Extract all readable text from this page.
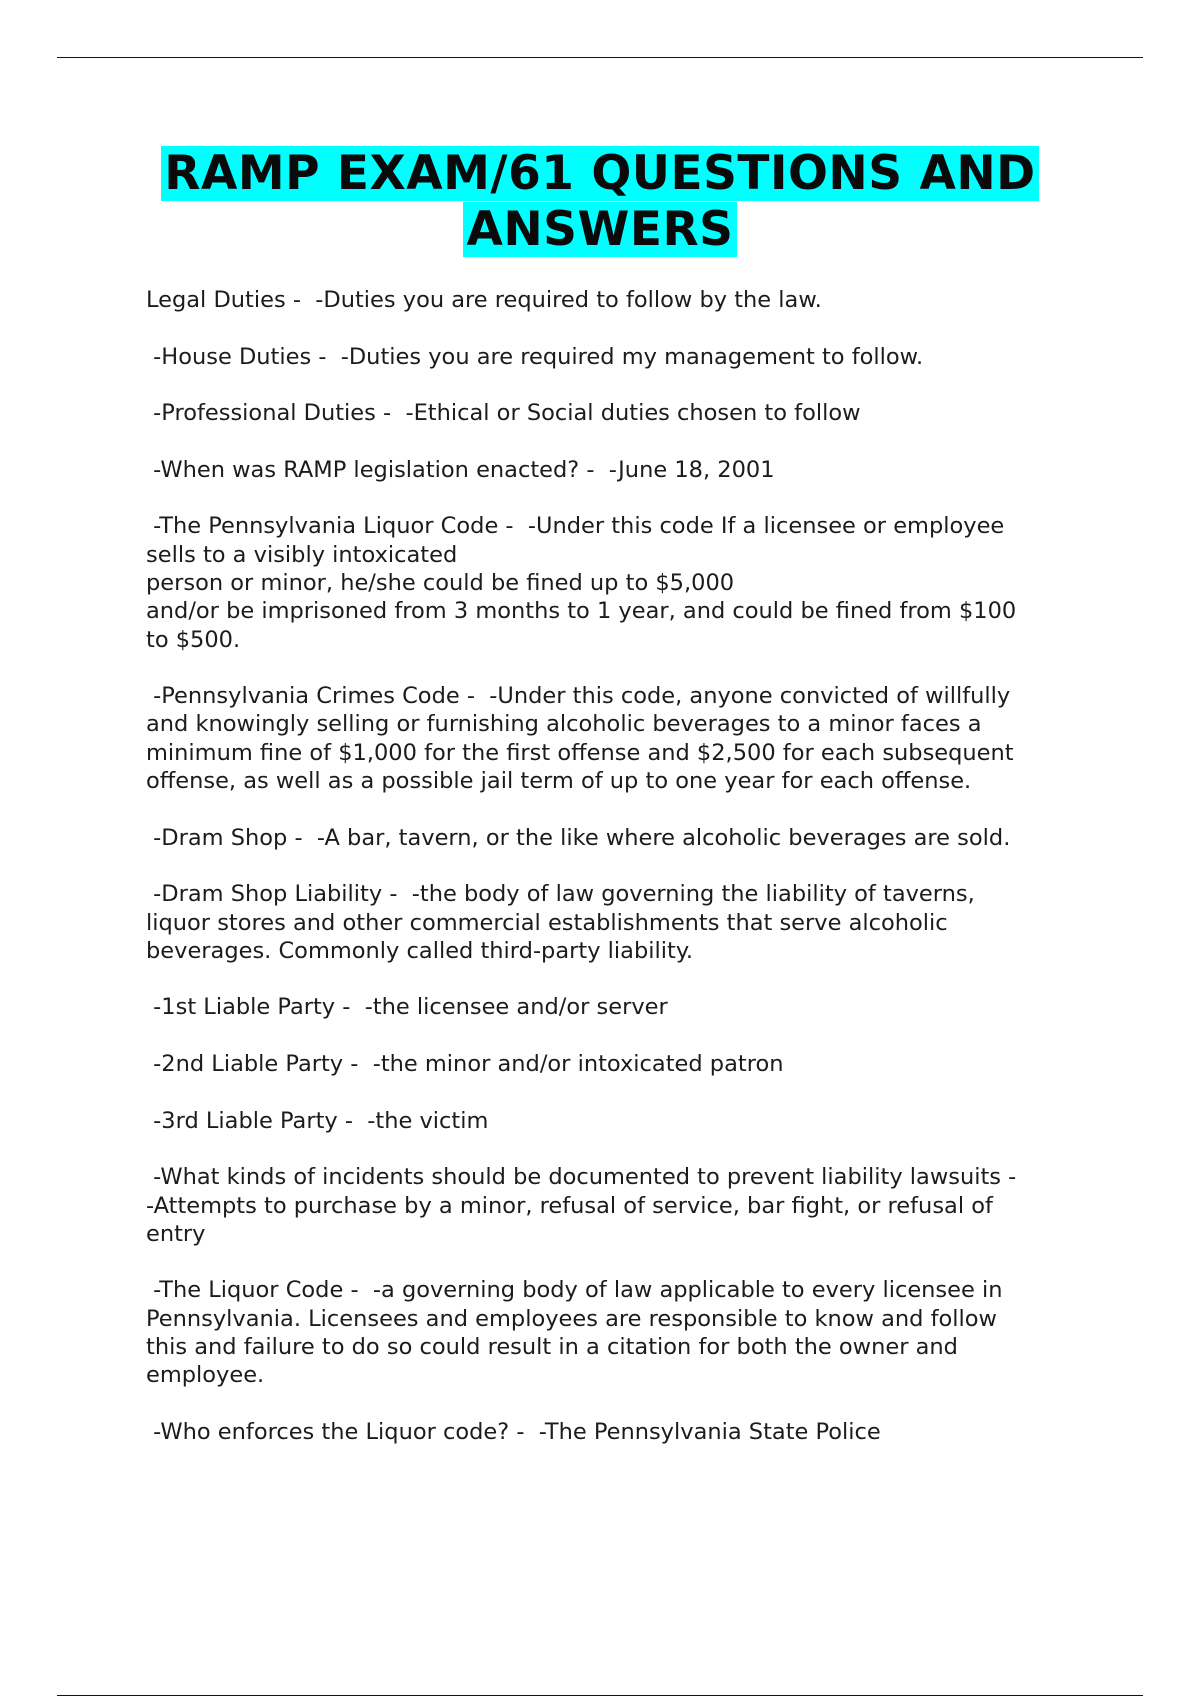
RAMP EXAM/61 QUESTIONS AND
ANSWERS
Legal Duties -  -Duties you are required to follow by the law.
-House Duties -  -Duties you are required my management to follow.
-Professional Duties -  -Ethical or Social duties chosen to follow
-When was RAMP legislation enacted? -  -June 18, 2001
-The Pennsylvania Liquor Code -  -Under this code If a licensee or employee
sells to a visibly intoxicated
person or minor, he/she could be fined up to $5,000
and/or be imprisoned from 3 months to 1 year, and could be fined from $100
to $500.
-Pennsylvania Crimes Code -  -Under this code, anyone convicted of willfully
and knowingly selling or furnishing alcoholic beverages to a minor faces a
minimum fine of $1,000 for the first offense and $2,500 for each subsequent
offense, as well as a possible jail term of up to one year for each offense.
-Dram Shop -  -A bar, tavern, or the like where alcoholic beverages are sold.
-Dram Shop Liability -  -the body of law governing the liability of taverns,
liquor stores and other commercial establishments that serve alcoholic
beverages. Commonly called third-party liability.
-1st Liable Party -  -the licensee and/or server
-2nd Liable Party -  -the minor and/or intoxicated patron
-3rd Liable Party -  -the victim
-What kinds of incidents should be documented to prevent liability lawsuits -
-Attempts to purchase by a minor, refusal of service, bar fight, or refusal of
entry
-The Liquor Code -  -a governing body of law applicable to every licensee in
Pennsylvania. Licensees and employees are responsible to know and follow
this and failure to do so could result in a citation for both the owner and
employee.
-Who enforces the Liquor code? -  -The Pennsylvania State Police
